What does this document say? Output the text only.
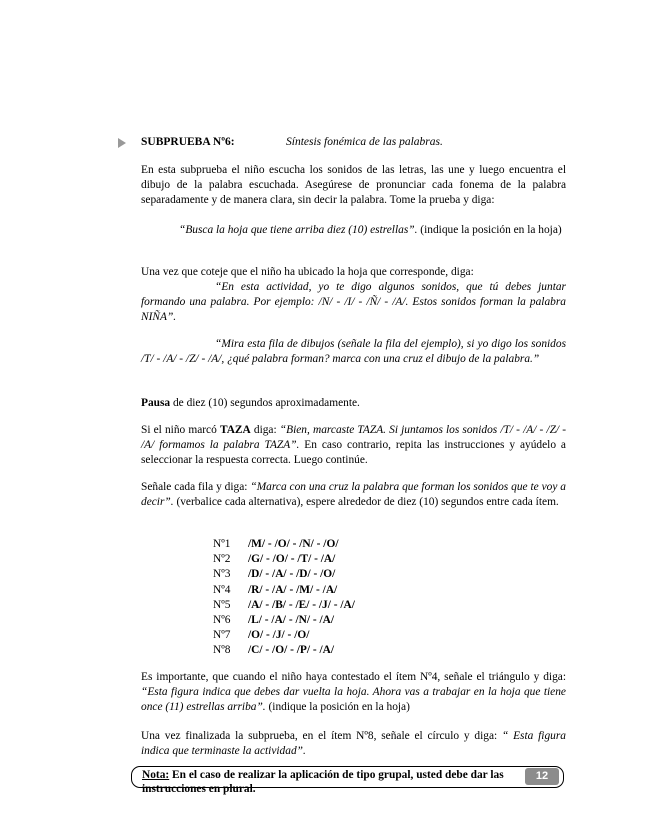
SUBPRUEBA Nº6:	Síntesis fonémica de las palabras.
En esta subprueba el niño escucha los sonidos de las letras, las une y luego encuentra el dibujo de la palabra escuchada. Asegúrese de pronunciar cada fonema de la palabra separadamente y de manera clara, sin decir la palabra. Tome la prueba y diga:
“Busca la hoja que tiene arriba diez (10) estrellas”. (indique la posición en la hoja)
Una vez que coteje que el niño ha ubicado la hoja que corresponde, diga:
“En esta actividad, yo te digo algunos sonidos, que tú debes juntar formando una palabra. Por ejemplo: /N/ - /I/ - /Ñ/ - /A/. Estos sonidos forman la palabra NIÑA”.
“Mira esta fila de dibujos (señale la fila del ejemplo), si yo digo los sonidos /T/ - /A/ - /Z/ - /A/, ¿qué palabra forman? marca con una cruz el dibujo de la palabra.”
Pausa de diez (10) segundos aproximadamente.
Si el niño marcó TAZA diga: “Bien, marcaste TAZA. Si juntamos los sonidos /T/ - /A/ - /Z/ - /A/ formamos la palabra TAZA”. En caso contrario, repita las instrucciones y ayúdelo a seleccionar la respuesta correcta. Luego continúe.
Señale cada fila y diga: “Marca con una cruz la palabra que forman los sonidos que te voy a decir”. (verbalice cada alternativa), espere alrededor de diez (10) segundos entre cada ítem.
Nº1 /M/ - /O/ - /N/ - /O/
Nº2 /G/ - /O/ - /T/ - /A/
Nº3 /D/ - /A/ - /D/ - /O/
Nº4 /R/ - /A/ - /M/ - /A/
Nº5 /A/ - /B/ - /E/ - /J/ - /A/
Nº6 /L/ - /A/ - /N/ - /A/
Nº7 /O/ - /J/ - /O/
Nº8 /C/ - /O/ - /P/ - /A/
Es importante, que cuando el niño haya contestado el ítem Nº4, señale el triángulo y diga: “Esta figura indica que debes dar vuelta la hoja. Ahora vas a trabajar en la hoja que tiene once (11) estrellas arriba”. (indique la posición en la hoja)
Una vez finalizada la subprueba, en el ítem Nº8, señale el círculo y diga: “ Esta figura indica que terminaste la actividad”.
Nota: En el caso de realizar la aplicación de tipo grupal, usted debe dar las instrucciones en plural.
12
